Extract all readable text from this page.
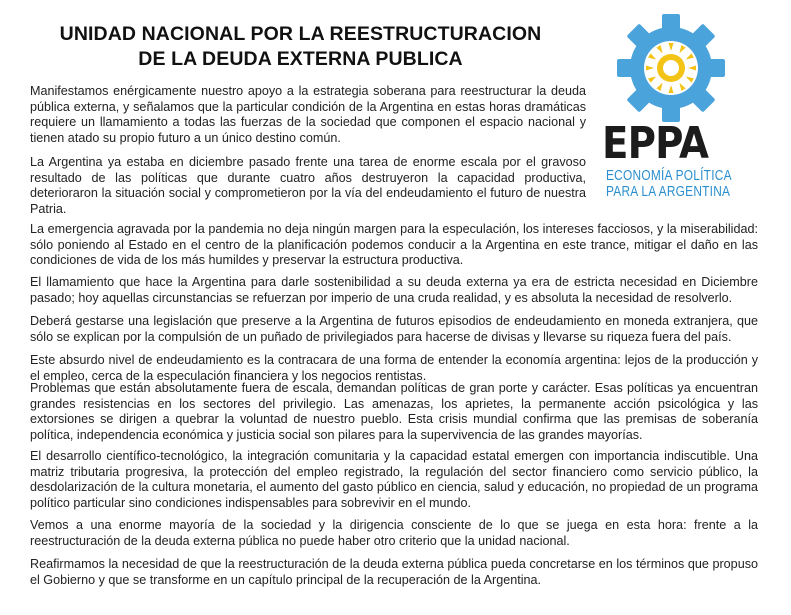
UNIDAD NACIONAL POR LA REESTRUCTURACION
DE LA DEUDA EXTERNA PUBLICA
EPPA
ECONOMÍA POLÍTICA
PARA LA ARGENTINA

Manifestamos enérgicamente nuestro apoyo a la estrategia soberana para reestructurar la deuda pública externa, y señalamos que la particular condición de la Argentina en estas horas dramáticas requiere un llamamiento a todas las fuerzas de la sociedad que componen el espacio nacional y tienen atado su propio futuro a un único destino común.

La Argentina ya estaba en diciembre pasado frente una tarea de enorme escala por el gravoso resultado de las políticas que durante cuatro años destruyeron la capacidad productiva, deterioraron la situación social y comprometieron por la vía del endeudamiento el futuro de nuestra Patria.

La emergencia agravada por la pandemia no deja ningún margen para la especulación, los intereses facciosos, y la miserabilidad: sólo poniendo al Estado en el centro de la planificación podemos conducir a la Argentina en este trance, mitigar el daño en las condiciones de vida de los más humildes y preservar la estructura productiva.

El llamamiento que hace la Argentina para darle sostenibilidad a su deuda externa ya era de estricta necesidad en Diciembre pasado; hoy aquellas circunstancias se refuerzan por imperio de una cruda realidad, y es absoluta la necesidad de resolverlo.

Deberá gestarse una legislación que preserve a la Argentina de futuros episodios de endeudamiento en moneda extranjera, que sólo se explican por la compulsión de un puñado de privilegiados para hacerse de divisas y llevarse su riqueza fuera del país.

Este absurdo nivel de endeudamiento es la contracara de una forma de entender la economía argentina: lejos de la producción y el empleo, cerca de la especulación financiera y los negocios rentistas.

Problemas que están absolutamente fuera de escala, demandan políticas de gran porte y carácter. Esas políticas ya encuentran grandes resistencias en los sectores del privilegio. Las amenazas, los aprietes, la permanente acción psicológica y las extorsiones se dirigen a quebrar la voluntad de nuestro pueblo. Esta crisis mundial confirma que las premisas de soberanía política, independencia económica y justicia social son pilares para la supervivencia de las grandes mayorías.

El desarrollo científico-tecnológico, la integración comunitaria y la capacidad estatal emergen con importancia indiscutible. Una matriz tributaria progresiva, la protección del empleo registrado, la regulación del sector financiero como servicio público, la desdolarización de la cultura monetaria, el aumento del gasto público en ciencia, salud y educación, no propiedad de un programa político particular sino condiciones indispensables para sobrevivir en el mundo.

Vemos a una enorme mayoría de la sociedad y la dirigencia consciente de lo que se juega en esta hora: frente a la reestructuración de la deuda externa pública no puede haber otro criterio que la unidad nacional.

Reafirmamos la necesidad de que la reestructuración de la deuda externa pública pueda concretarse en los términos que propuso el Gobierno y que se transforme en un capítulo principal de la recuperación de la Argentina.
